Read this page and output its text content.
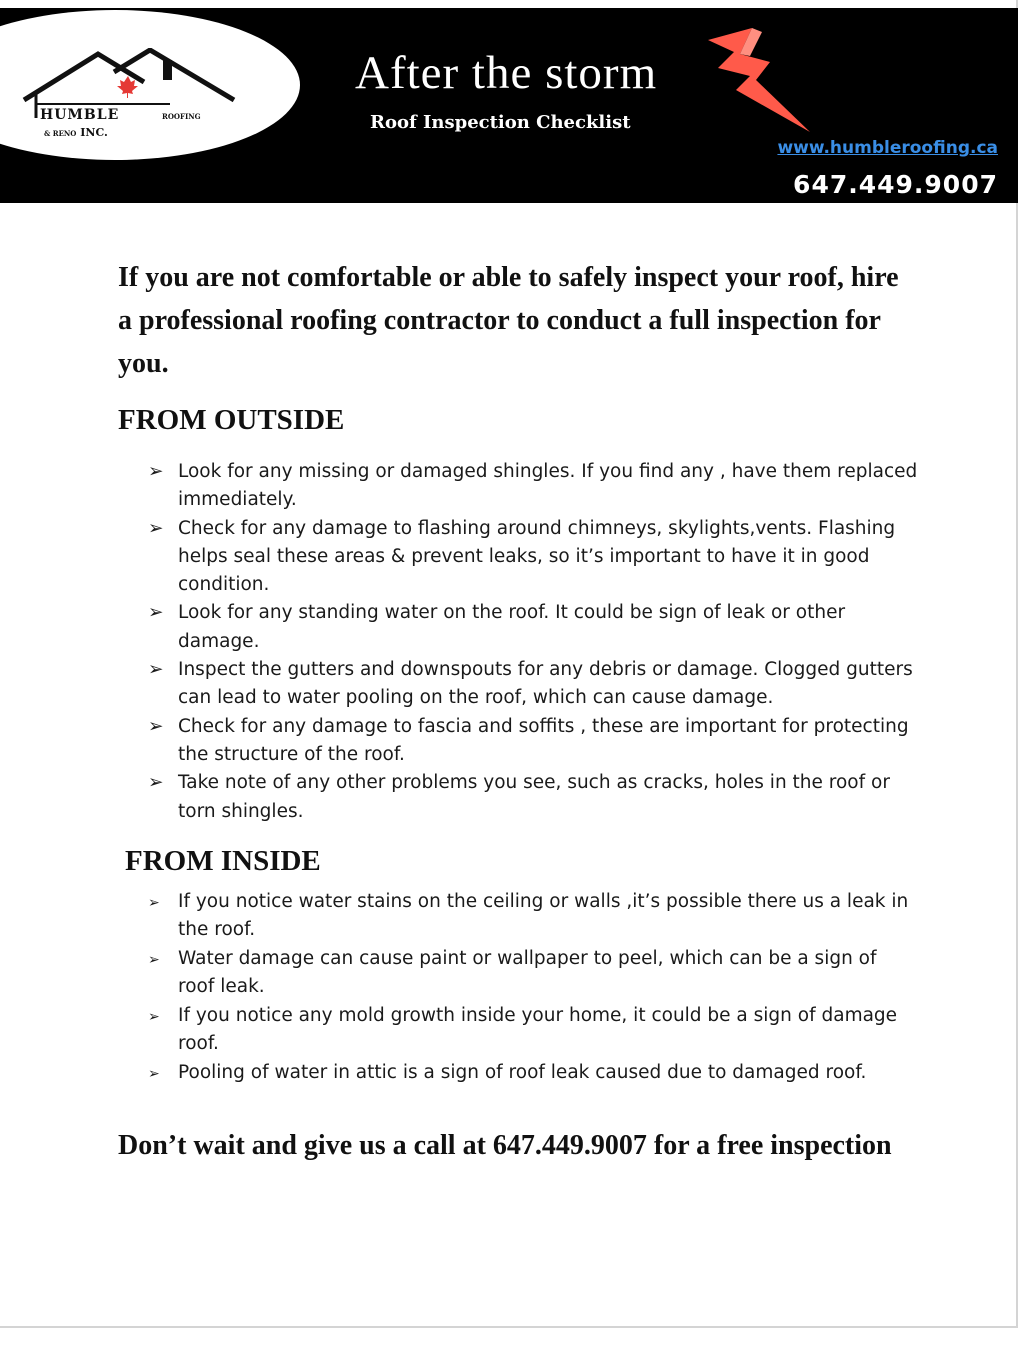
HUMBLE	ROOFING
& RENO INC.
After the storm
Roof Inspection Checklist
www.humbleroofing.ca
647.449.9007

If you are not comfortable or able to safely inspect your roof, hire a professional roofing contractor to conduct a full inspection for you.

FROM OUTSIDE
➢ Look for any missing or damaged shingles. If you find any , have them replaced immediately.
➢ Check for any damage to flashing around chimneys, skylights,vents. Flashing helps seal these areas & prevent leaks, so it’s important to have it in good condition.
➢ Look for any standing water on the roof. It could be sign of leak or other damage.
➢ Inspect the gutters and downspouts for any debris or damage. Clogged gutters can lead to water pooling on the roof, which can cause damage.
➢ Check for any damage to fascia and soffits , these are important for protecting the structure of the roof.
➢ Take note of any other problems you see, such as cracks, holes in the roof or torn shingles.
FROM INSIDE
➢ If you notice water stains on the ceiling or walls ,it’s possible there us a leak in the roof.
➢ Water damage can cause paint or wallpaper to peel, which can be a sign of roof leak.
➢ If you notice any mold growth inside your home, it could be a sign of damage roof.
➢ Pooling of water in attic is a sign of roof leak caused due to damaged roof.

Don’t wait and give us a call at 647.449.9007 for a free inspection
